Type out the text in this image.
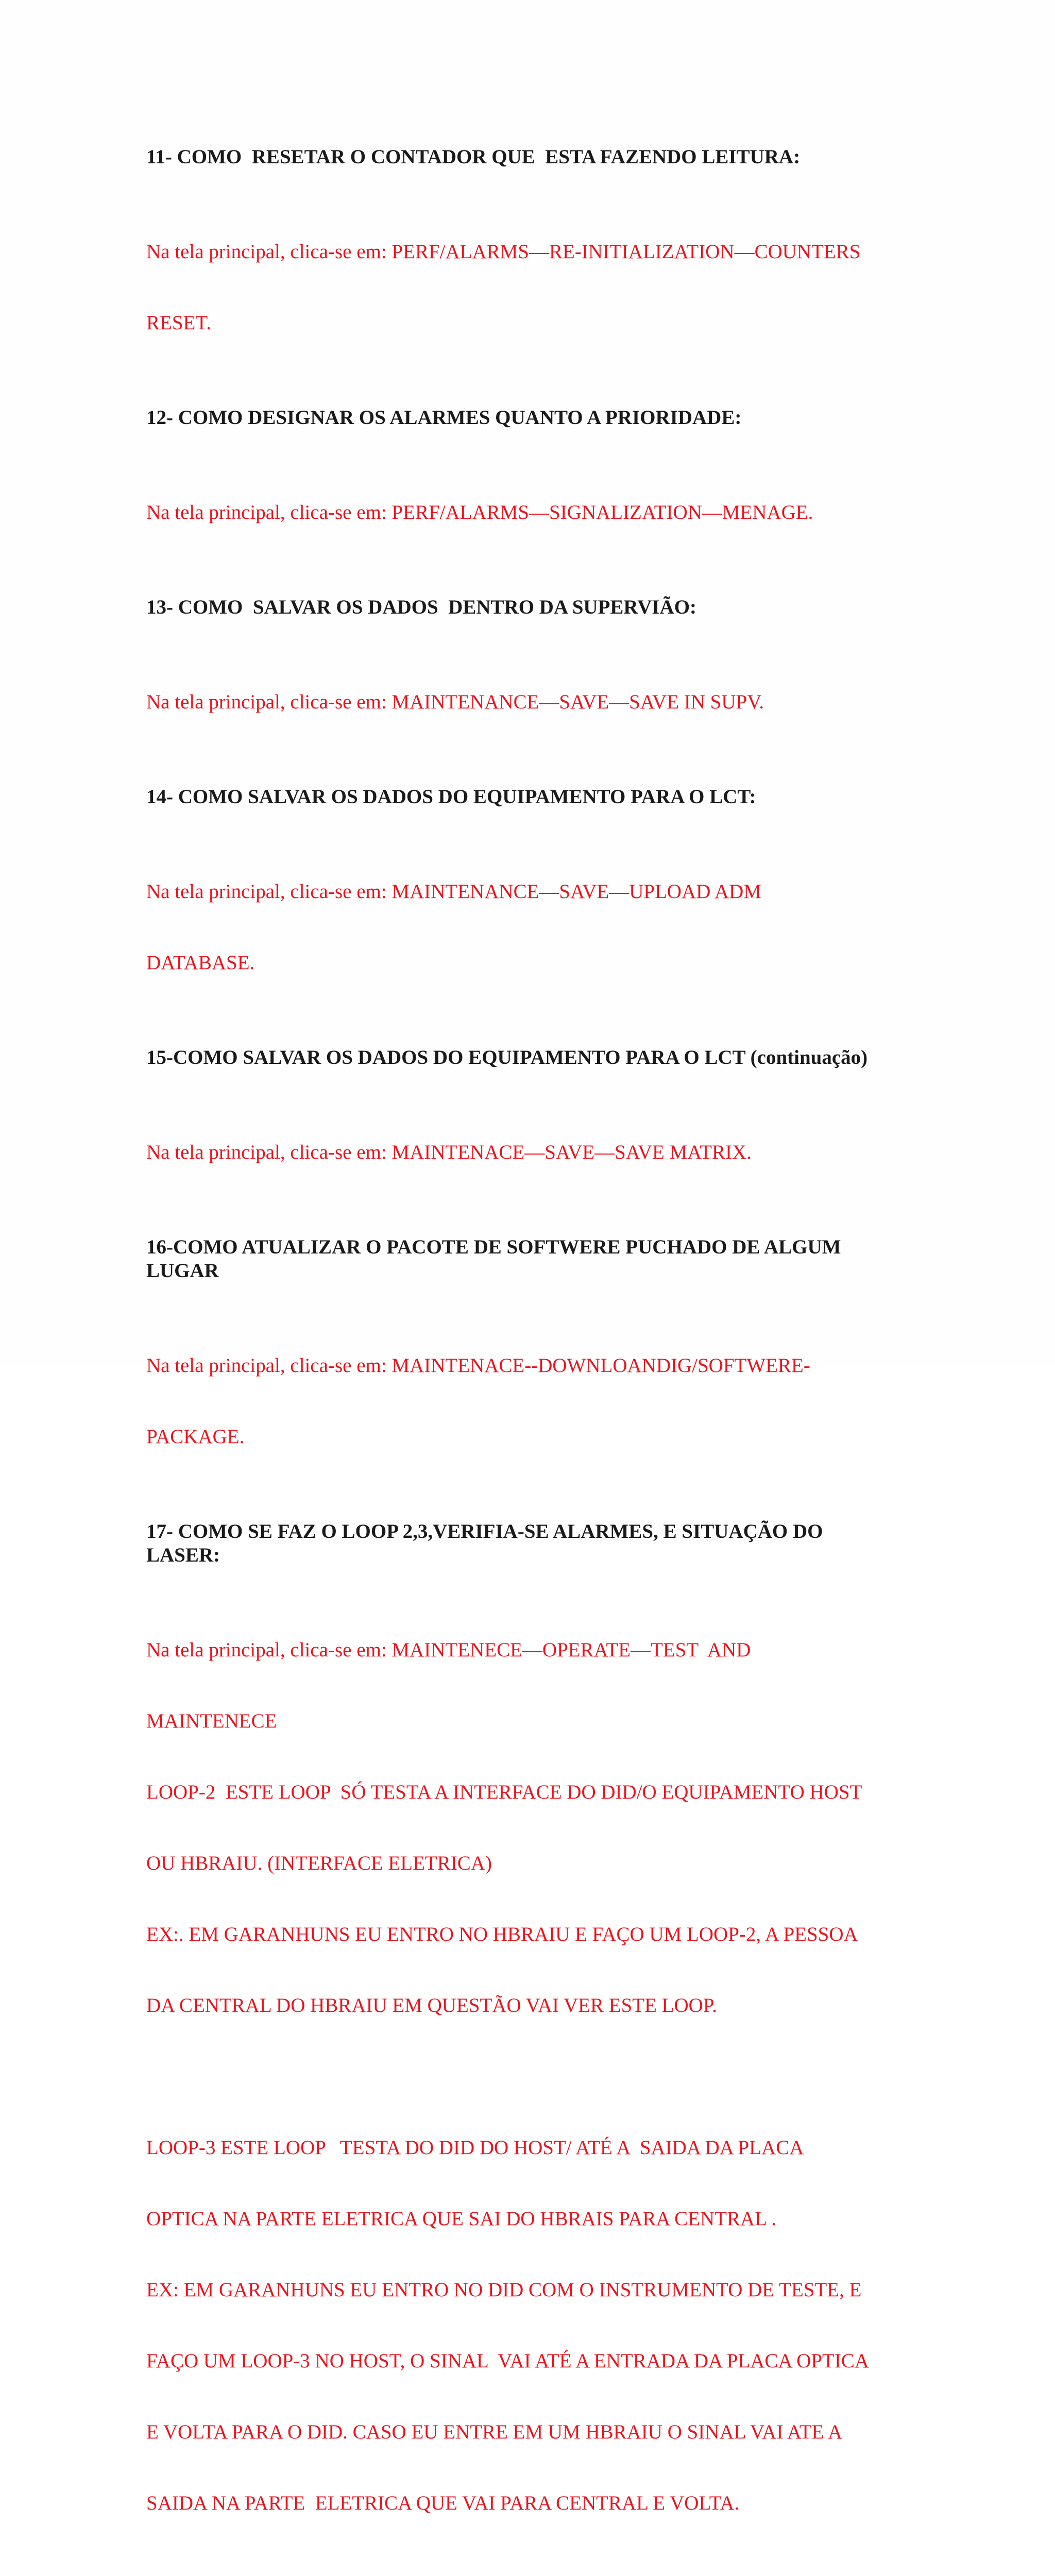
11- COMO  RESETAR O CONTADOR QUE  ESTA FAZENDO LEITURA:

Na tela principal, clica-se em: PERF/ALARMS—RE-INITIALIZATION—COUNTERS

RESET.

12- COMO DESIGNAR OS ALARMES QUANTO A PRIORIDADE:

Na tela principal, clica-se em: PERF/ALARMS—SIGNALIZATION—MENAGE.

13- COMO  SALVAR OS DADOS  DENTRO DA SUPERVIÃO:

Na tela principal, clica-se em: MAINTENANCE—SAVE—SAVE IN SUPV.

14- COMO SALVAR OS DADOS DO EQUIPAMENTO PARA O LCT:

Na tela principal, clica-se em: MAINTENANCE—SAVE—UPLOAD ADM

DATABASE.

15-COMO SALVAR OS DADOS DO EQUIPAMENTO PARA O LCT (continuação)

Na tela principal, clica-se em: MAINTENACE—SAVE—SAVE MATRIX.

16-COMO ATUALIZAR O PACOTE DE SOFTWERE PUCHADO DE ALGUM
LUGAR

Na tela principal, clica-se em: MAINTENACE--DOWNLOANDIG/SOFTWERE-

PACKAGE.

17- COMO SE FAZ O LOOP 2,3,VERIFIA-SE ALARMES, E SITUAÇÃO DO
LASER:

Na tela principal, clica-se em: MAINTENECE—OPERATE—TEST  AND

MAINTENECE

LOOP-2  ESTE LOOP  SÓ TESTA A INTERFACE DO DID/O EQUIPAMENTO HOST

OU HBRAIU. (INTERFACE ELETRICA)

EX:. EM GARANHUNS EU ENTRO NO HBRAIU E FAÇO UM LOOP-2, A PESSOA

DA CENTRAL DO HBRAIU EM QUESTÃO VAI VER ESTE LOOP.

LOOP-3 ESTE LOOP   TESTA DO DID DO HOST/ ATÉ A  SAIDA DA PLACA

OPTICA NA PARTE ELETRICA QUE SAI DO HBRAIS PARA CENTRAL .

EX: EM GARANHUNS EU ENTRO NO DID COM O INSTRUMENTO DE TESTE, E

FAÇO UM LOOP-3 NO HOST, O SINAL  VAI ATÉ A ENTRADA DA PLACA OPTICA

E VOLTA PARA O DID. CASO EU ENTRE EM UM HBRAIU O SINAL VAI ATE A

SAIDA NA PARTE  ELETRICA QUE VAI PARA CENTRAL E VOLTA.
